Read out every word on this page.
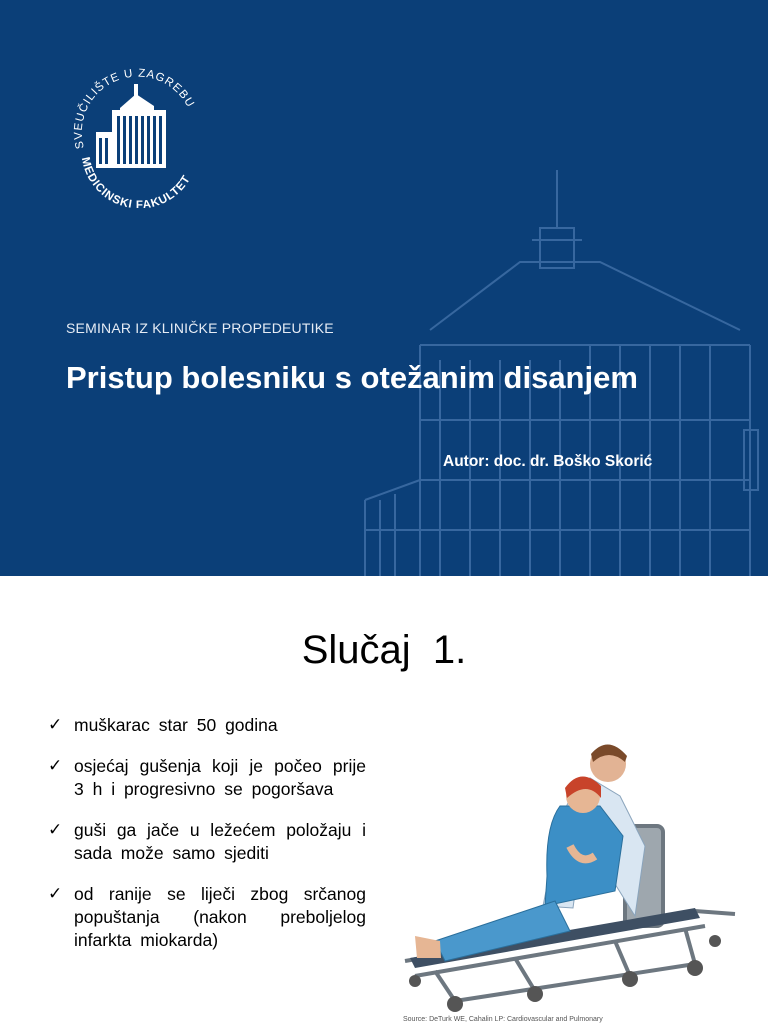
SVEUČILIŠTE U ZAGREBU
MEDICINSKI FAKULTET
SEMINAR IZ KLINIČKE PROPEDEUTIKE
Pristup bolesniku s otežanim disanjem
Autor: doc. dr. Boško Skorić
Slučaj  1.
✓ muškarac star 50 godina
✓ osjećaj gušenja koji je počeo prije 3 h i progresivno se pogoršava
✓ guši ga jače u ležećem položaju i sada može samo sjediti
✓ od ranije se liječi zbog srčanog popuštanja (nakon preboljelog infarkta miokarda)
Source: DeTurk WE, Cahalin LP: Cardiovascular and Pulmonary
